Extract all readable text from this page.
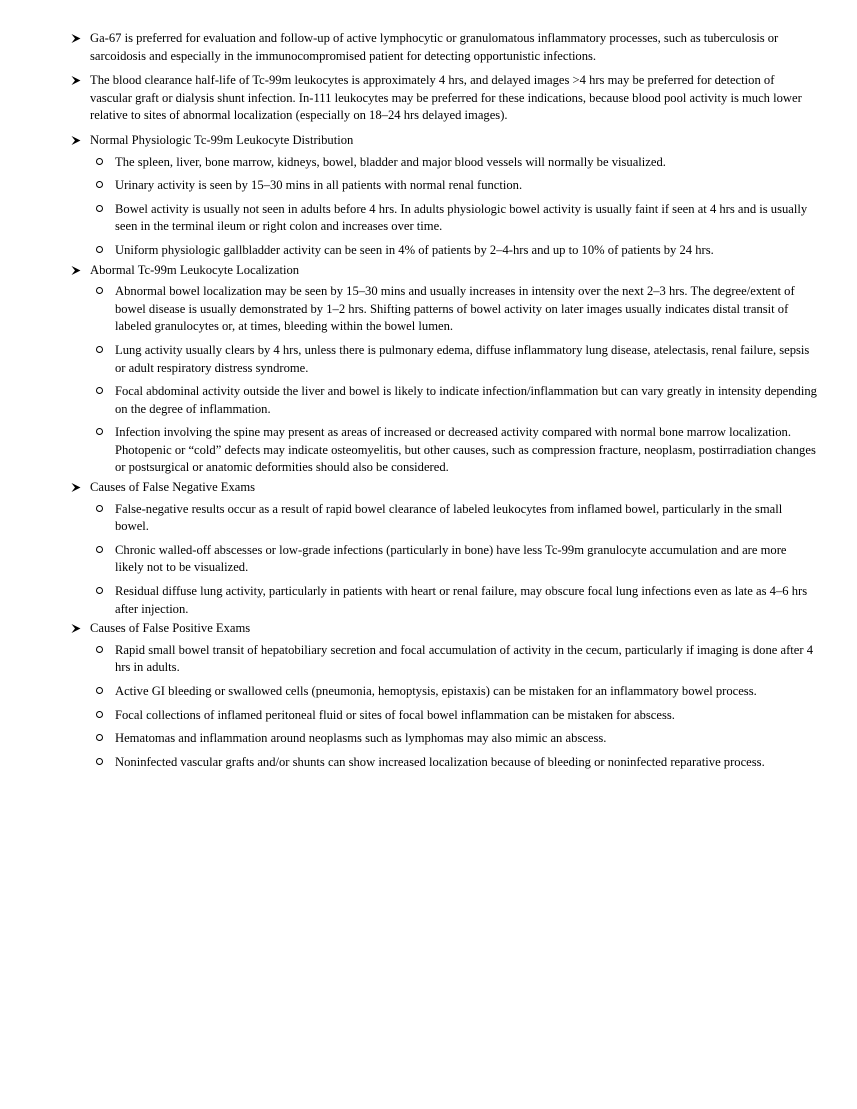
Ga-67 is preferred for evaluation and follow-up of active lymphocytic or granulomatous inflammatory processes, such as tuberculosis or sarcoidosis and especially in the immunocompromised patient for detecting opportunistic infections.
The blood clearance half-life of Tc-99m leukocytes is approximately 4 hrs, and delayed images >4 hrs may be preferred for detection of vascular graft or dialysis shunt infection. In-111 leukocytes may be preferred for these indications, because blood pool activity is much lower relative to sites of abnormal localization (especially on 18–24 hrs delayed images).
Normal Physiologic Tc-99m Leukocyte Distribution
The spleen, liver, bone marrow, kidneys, bowel, bladder and major blood vessels will normally be visualized.
Urinary activity is seen by 15–30 mins in all patients with normal renal function.
Bowel activity is usually not seen in adults before 4 hrs. In adults physiologic bowel activity is usually faint if seen at 4 hrs and is usually seen in the terminal ileum or right colon and increases over time.
Uniform physiologic gallbladder activity can be seen in 4% of patients by 2–4-hrs and up to 10% of patients by 24 hrs.
Abormal Tc-99m Leukocyte Localization
Abnormal bowel localization may be seen by 15–30 mins and usually increases in intensity over the next 2–3 hrs. The degree/extent of bowel disease is usually demonstrated by 1–2 hrs. Shifting patterns of bowel activity on later images usually indicates distal transit of labeled granulocytes or, at times, bleeding within the bowel lumen.
Lung activity usually clears by 4 hrs, unless there is pulmonary edema, diffuse inflammatory lung disease, atelectasis, renal failure, sepsis or adult respiratory distress syndrome.
Focal abdominal activity outside the liver and bowel is likely to indicate infection/inflammation but can vary greatly in intensity depending on the degree of inflammation.
Infection involving the spine may present as areas of increased or decreased activity compared with normal bone marrow localization. Photopenic or “cold” defects may indicate osteomyelitis, but other causes, such as compression fracture, neoplasm, postirradiation changes or postsurgical or anatomic deformities should also be considered.
Causes of False Negative Exams
False-negative results occur as a result of rapid bowel clearance of labeled leukocytes from inflamed bowel, particularly in the small bowel.
Chronic walled-off abscesses or low-grade infections (particularly in bone) have less Tc-99m granulocyte accumulation and are more likely not to be visualized.
Residual diffuse lung activity, particularly in patients with heart or renal failure, may obscure focal lung infections even as late as 4–6 hrs after injection.
Causes of False Positive Exams
Rapid small bowel transit of hepatobiliary secretion and focal accumulation of activity in the cecum, particularly if imaging is done after 4 hrs in adults.
Active GI bleeding or swallowed cells (pneumonia, hemoptysis, epistaxis) can be mistaken for an inflammatory bowel process.
Focal collections of inflamed peritoneal fluid or sites of focal bowel inflammation can be mistaken for abscess.
Hematomas and inflammation around neoplasms such as lymphomas may also mimic an abscess.
Noninfected vascular grafts and/or shunts can show increased localization because of bleeding or noninfected reparative process.
